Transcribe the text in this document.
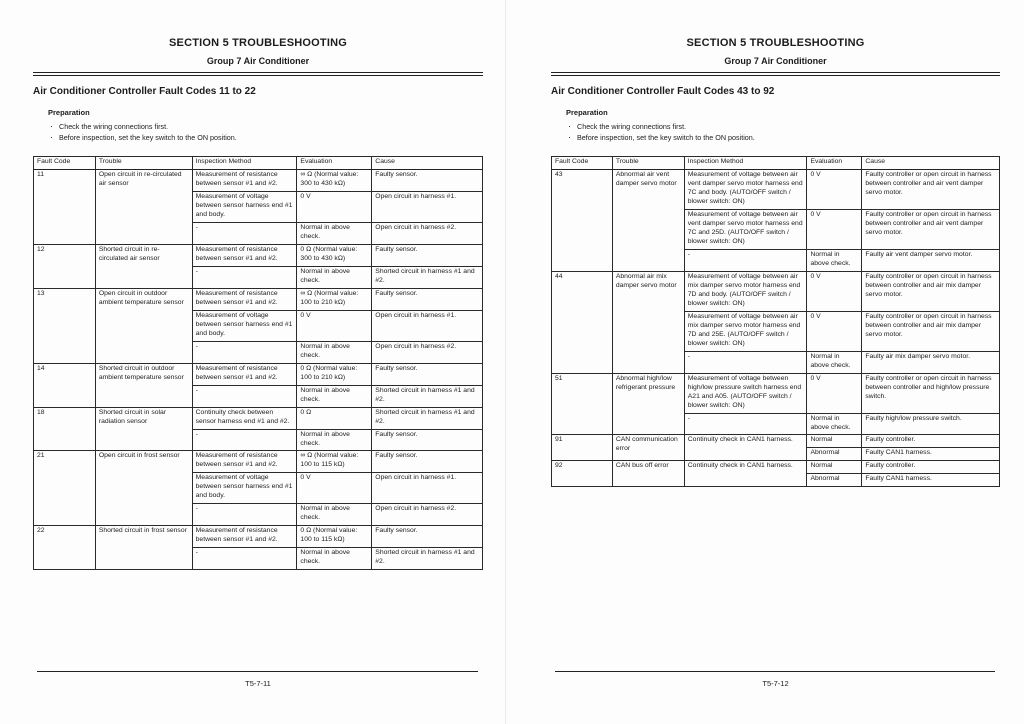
SECTION 5 TROUBLESHOOTING
Group 7 Air Conditioner
Air Conditioner Controller Fault Codes 11 to 22
Preparation
· Check the wiring connections first.
· Before inspection, set the key switch to the ON position.
Fault Code	Trouble	Inspection Method	Evaluation	Cause
11	Open circuit in re-circulated air sensor	Measurement of resistance between sensor #1 and #2.	∞ Ω (Normal value: 300 to 430 kΩ)	Faulty sensor.
		Measurement of voltage between sensor harness end #1 and body.	0 V	Open circuit in harness #1.
		-	Normal in above check.	Open circuit in harness #2.
12	Shorted circuit in re-circulated air sensor	Measurement of resistance between sensor #1 and #2.	0 Ω (Normal value: 300 to 430 kΩ)	Faulty sensor.
		-	Normal in above check.	Shorted circuit in harness #1 and #2.
13	Open circuit in outdoor ambient temperature sensor	Measurement of resistance between sensor #1 and #2.	∞ Ω (Normal value: 100 to 210 kΩ)	Faulty sensor.
		Measurement of voltage between sensor harness end #1 and body.	0 V	Open circuit in harness #1.
		-	Normal in above check.	Open circuit in harness #2.
14	Shorted circuit in outdoor ambient temperature sensor	Measurement of resistance between sensor #1 and #2.	0 Ω (Normal value: 100 to 210 kΩ)	Faulty sensor.
		-	Normal in above check.	Shorted circuit in harness #1 and #2.
18	Shorted circuit in solar radiation sensor	Continuity check between sensor harness end #1 and #2.	0 Ω	Shorted circuit in harness #1 and #2.
		-	Normal in above check.	Faulty sensor.
21	Open circuit in frost sensor	Measurement of resistance between sensor #1 and #2.	∞ Ω (Normal value: 100 to 115 kΩ)	Faulty sensor.
		Measurement of voltage between sensor harness end #1 and body.	0 V	Open circuit in harness #1.
		-	Normal in above check.	Open circuit in harness #2.
22	Shorted circuit in frost sensor	Measurement of resistance between sensor #1 and #2.	0 Ω (Normal value: 100 to 115 kΩ)	Faulty sensor.
		-	Normal in above check.	Shorted circuit in harness #1 and #2.
T5-7-11
SECTION 5 TROUBLESHOOTING
Group 7 Air Conditioner
Air Conditioner Controller Fault Codes 43 to 92
Preparation
· Check the wiring connections first.
· Before inspection, set the key switch to the ON position.
Fault Code	Trouble	Inspection Method	Evaluation	Cause
43	Abnormal air vent damper servo motor	Measurement of voltage between air vent damper servo motor harness end 7C and body. (AUTO/OFF switch / blower switch: ON)	0 V	Faulty controller or open circuit in harness between controller and air vent damper servo motor.
		Measurement of voltage between air vent damper servo motor harness end 7C and 25D. (AUTO/OFF switch / blower switch: ON)	0 V	Faulty controller or open circuit in harness between controller and air vent damper servo motor.
		-	Normal in above check.	Faulty air vent damper servo motor.
44	Abnormal air mix damper servo motor	Measurement of voltage between air mix damper servo motor harness end 7D and body. (AUTO/OFF switch / blower switch: ON)	0 V	Faulty controller or open circuit in harness between controller and air mix damper servo motor.
		Measurement of voltage between air mix damper servo motor harness end 7D and 25E. (AUTO/OFF switch / blower switch: ON)	0 V	Faulty controller or open circuit in harness between controller and air mix damper servo motor.
		-	Normal in above check.	Faulty air mix damper servo motor.
51	Abnormal high/low refrigerant pressure	Measurement of voltage between high/low pressure switch harness end A21 and A05. (AUTO/OFF switch / blower switch: ON)	0 V	Faulty controller or open circuit in harness between controller and high/low pressure switch.
		-	Normal in above check.	Faulty high/low pressure switch.
91	CAN communication error	Continuity check in CAN1 harness.	Normal	Faulty controller.
			Abnormal	Faulty CAN1 harness.
92	CAN bus off error	Continuity check in CAN1 harness.	Normal	Faulty controller.
			Abnormal	Faulty CAN1 harness.
T5-7-12
